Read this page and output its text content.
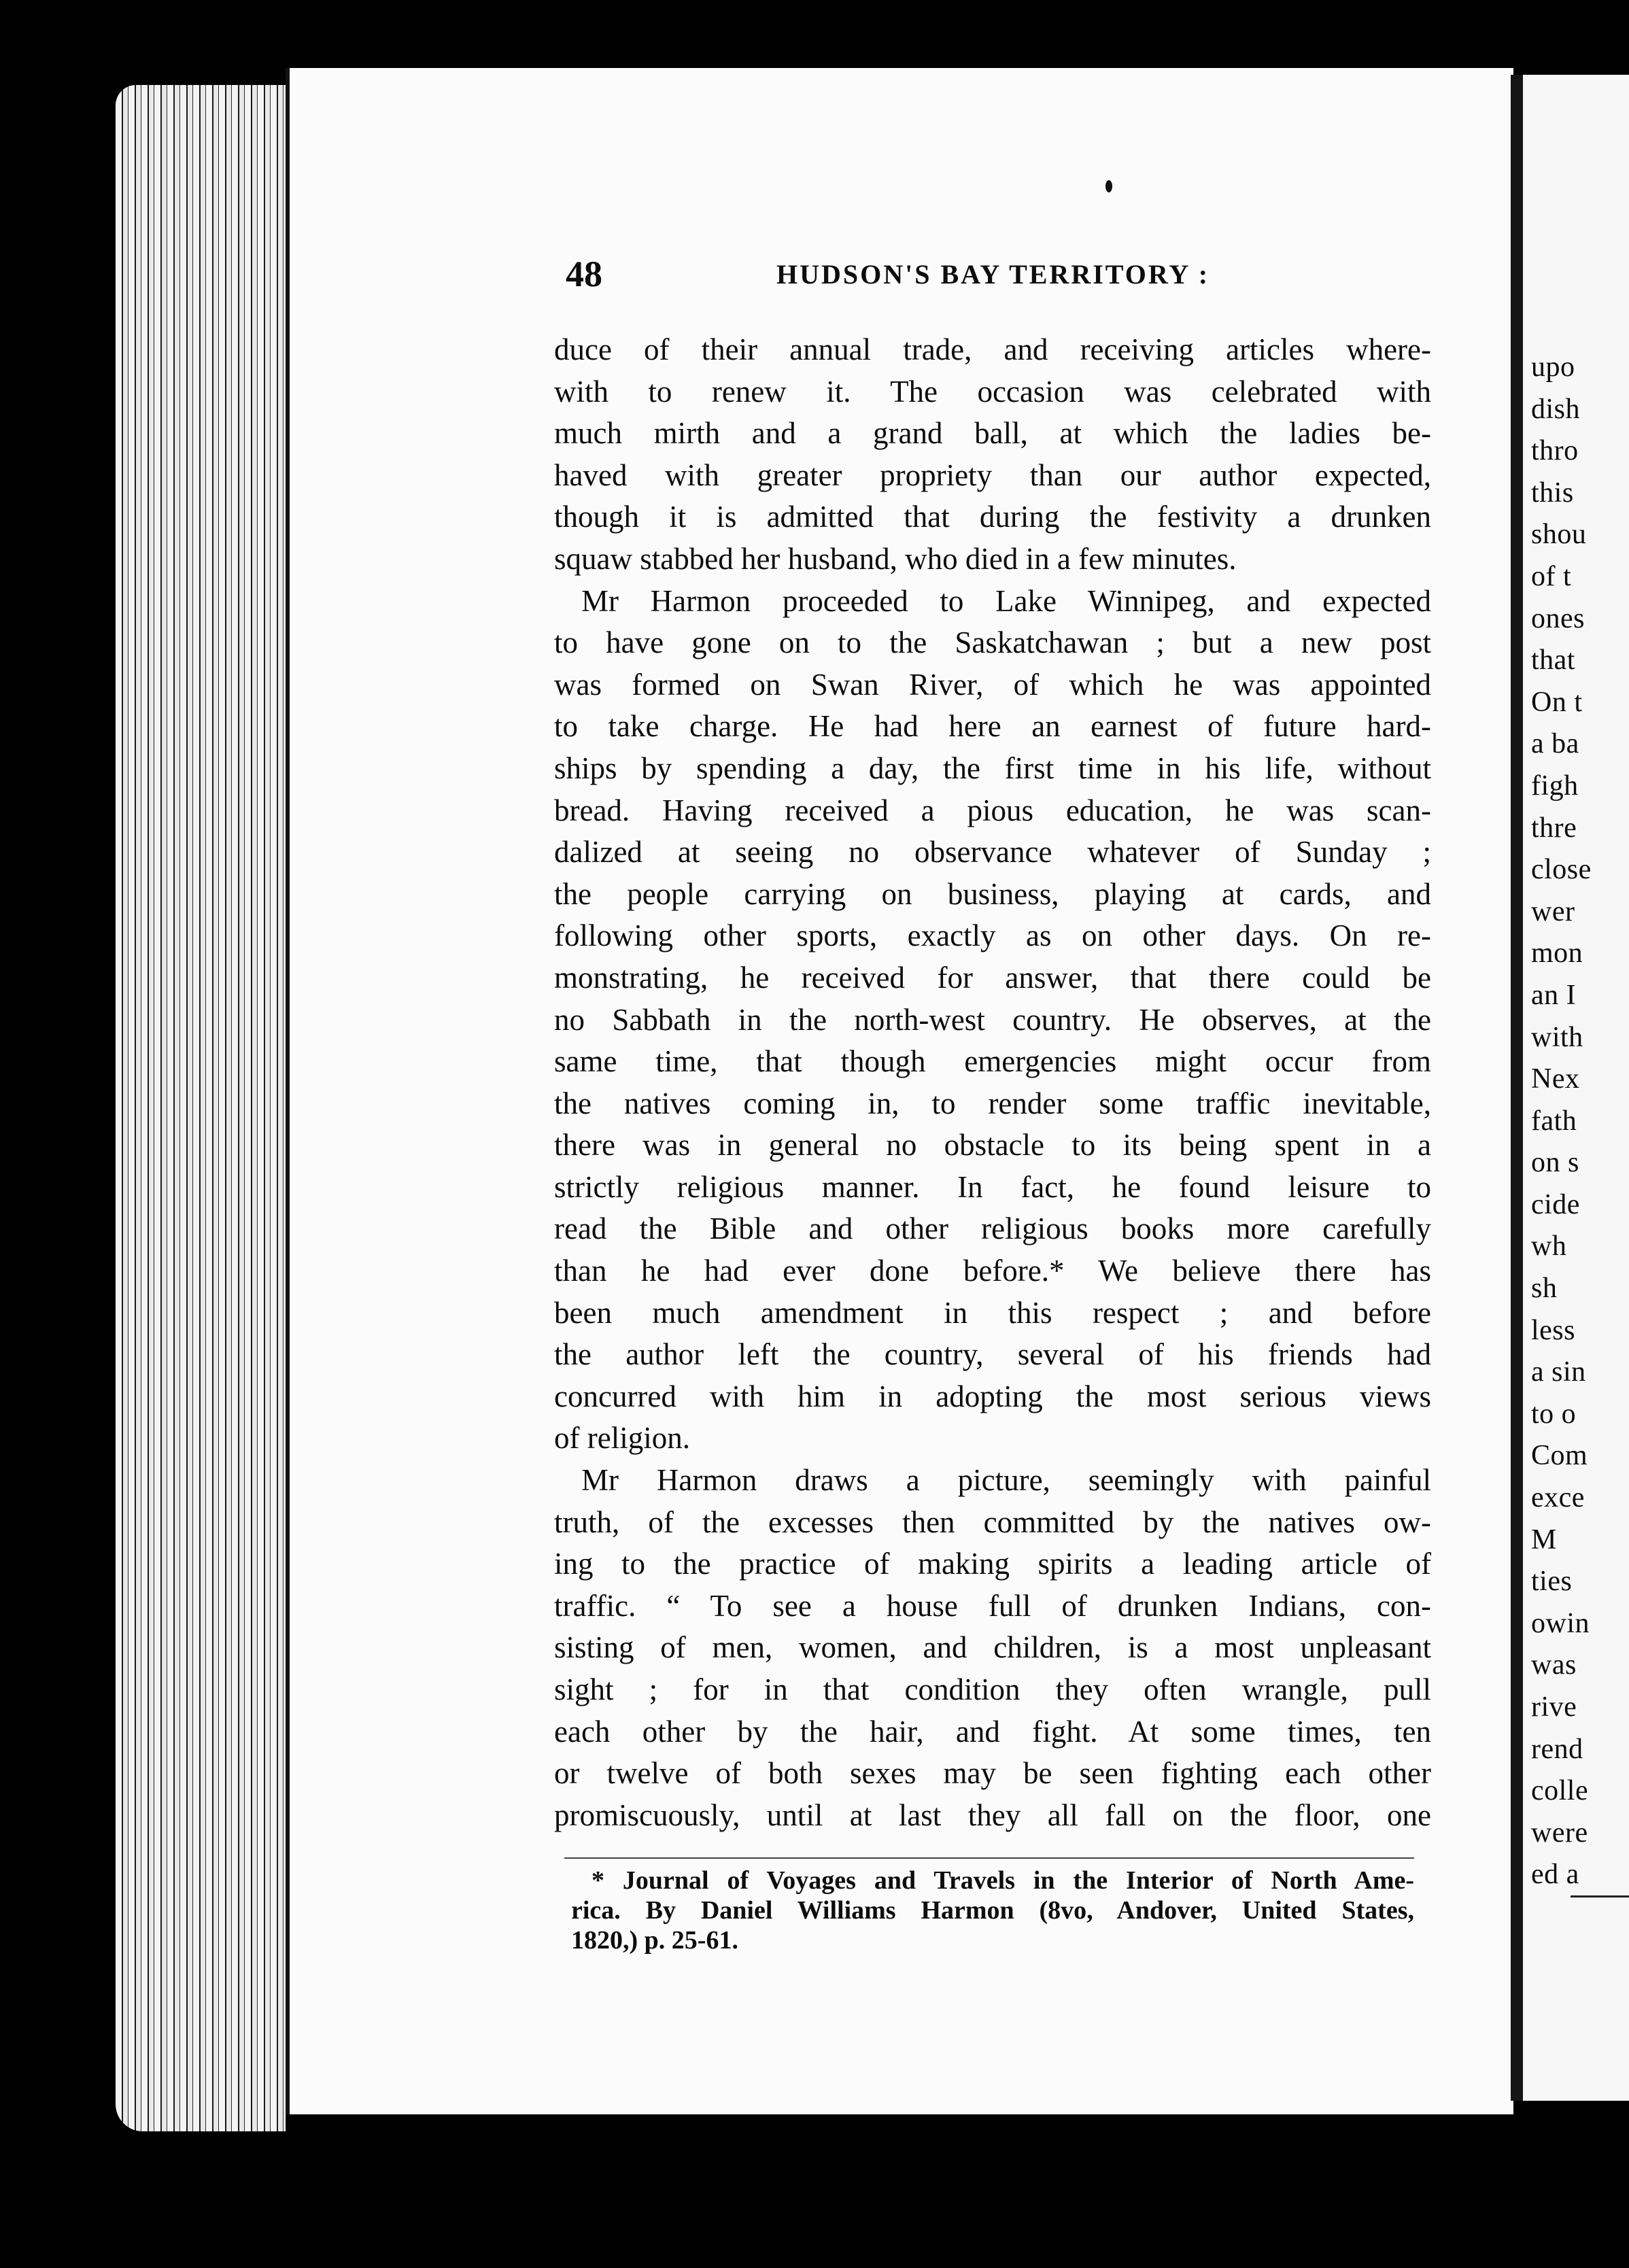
48	HUDSON'S BAY TERRITORY :
duce of their annual trade, and receiving articles where-
with to renew it. The occasion was celebrated with
much mirth and a grand ball, at which the ladies be-
haved with greater propriety than our author expected,
though it is admitted that during the festivity a drunken
squaw stabbed her husband, who died in a few minutes.
Mr Harmon proceeded to Lake Winnipeg, and expected
to have gone on to the Saskatchawan ; but a new post
was formed on Swan River, of which he was appointed
to take charge. He had here an earnest of future hard-
ships by spending a day, the first time in his life, without
bread. Having received a pious education, he was scan-
dalized at seeing no observance whatever of Sunday ;
the people carrying on business, playing at cards, and
following other sports, exactly as on other days. On re-
monstrating, he received for answer, that there could be
no Sabbath in the north-west country. He observes, at the
same time, that though emergencies might occur from
the natives coming in, to render some traffic inevitable,
there was in general no obstacle to its being spent in a
strictly religious manner. In fact, he found leisure to
read the Bible and other religious books more carefully
than he had ever done before.* We believe there has
been much amendment in this respect ; and before
the author left the country, several of his friends had
concurred with him in adopting the most serious views
of religion.
Mr Harmon draws a picture, seemingly with painful
truth, of the excesses then committed by the natives ow-
ing to the practice of making spirits a leading article of
traffic. “ To see a house full of drunken Indians, con-
sisting of men, women, and children, is a most unpleasant
sight ; for in that condition they often wrangle, pull
each other by the hair, and fight. At some times, ten
or twelve of both sexes may be seen fighting each other
promiscuously, until at last they all fall on the floor, one
* Journal of Voyages and Travels in the Interior of North Ame-
rica. By Daniel Williams Harmon (8vo, Andover, United States,
1820,) p. 25-61.
upo
dish
thro
this
shou
of t
ones
that
On t
a ba
figh
thre
close
wer
mon
an I
with
Nex
fath
on s
cide
wh
sh
less
a sin
to o
Com
exce
M
ties
owin
was
rive
rend
colle
were
ed a
